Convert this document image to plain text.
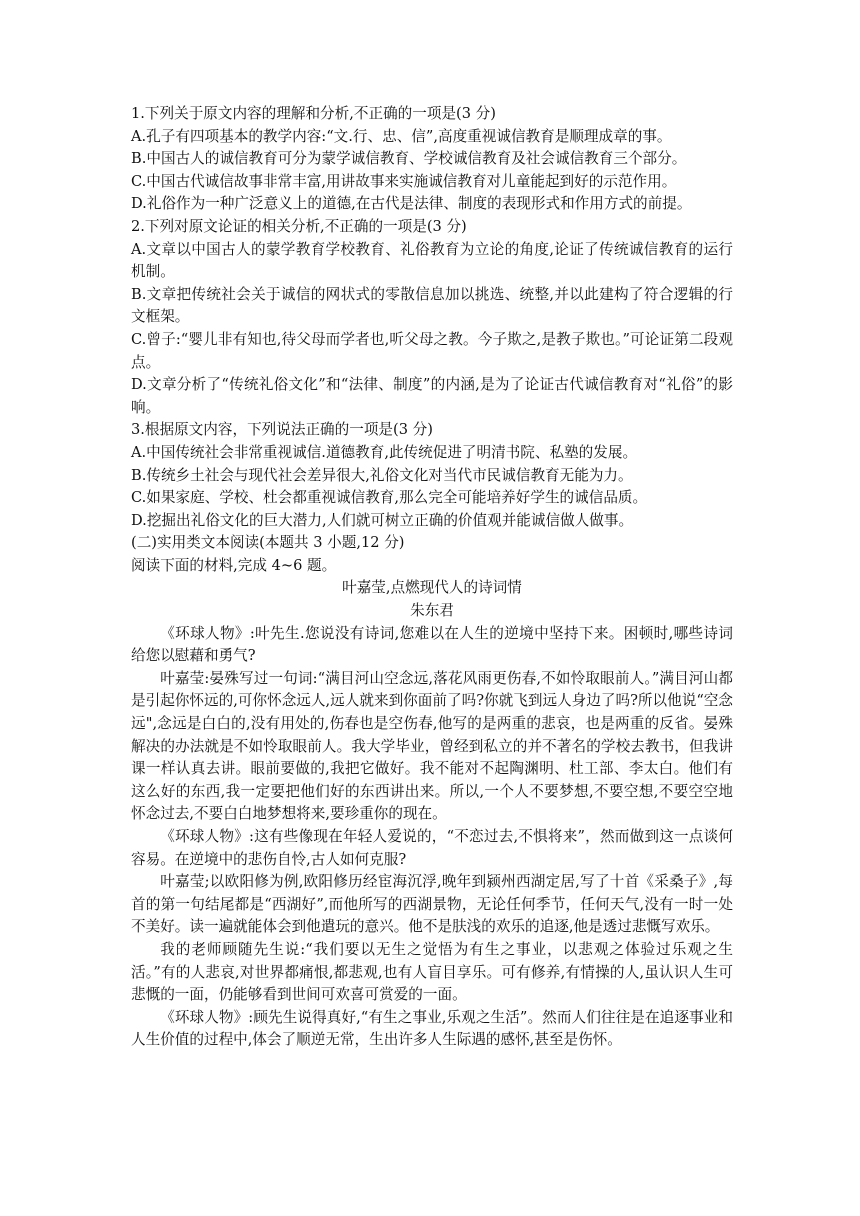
1.下列关于原文内容的理解和分析,不正确的一项是(3 分)

A.孔子有四项基本的教学内容:“文.行、忠、信”,高度重视诚信教育是顺理成章的事。

B.中国古人的诚信教育可分为蒙学诚信教育、学校诚信教育及社会诚信教育三个部分。

C.中国古代诚信故事非常丰富,用讲故事来实施诚信教育对儿童能起到好的示范作用。

D.礼俗作为一种广泛意义上的道德,在古代是法律、制度的表现形式和作用方式的前提。

2.下列对原文论证的相关分析,不正确的一项是(3 分)

A.文章以中国古人的蒙学教育学校教育、礼俗教育为立论的角度,论证了传统诚信教育的运行机制。

B.文章把传统社会关于诚信的网状式的零散信息加以挑选、统整,并以此建构了符合逻辑的行文框架。

C.曾子:“婴儿非有知也,待父母而学者也,听父母之教。今子欺之,是教子欺也。”可论证第二段观点。

D.文章分析了“传统礼俗文化”和“法律、制度”的内涵,是为了论证古代诚信教育对“礼俗”的影响。

3.根据原文内容，下列说法正确的一项是(3 分)

A.中国传统社会非常重视诚信.道德教育,此传统促进了明清书院、私塾的发展。

B.传统乡土社会与现代社会差异很大,礼俗文化对当代市民诚信教育无能为力。

C.如果家庭、学校、杜会都重视诚信教育,那么完全可能培养好学生的诚信品质。

D.挖掘出礼俗文化的巨大潜力,人们就可树立正确的价值观并能诚信做人做事。

(二)实用类文本阅读(本题共 3 小题,12 分)

阅读下面的材料,完成 4~6 题。

叶嘉莹,点燃现代人的诗词情

朱东君

《环球人物》:叶先生.您说没有诗词,您难以在人生的逆境中坚持下来。困顿时,哪些诗词给您以慰藉和勇气?

叶嘉莹:晏殊写过一句词:“满目河山空念远,落花风雨更伤春,不如怜取眼前人。”满目河山都是引起你怀远的,可你怀念远人,远人就来到你面前了吗?你就飞到远人身边了吗?所以他说“空念远",念远是白白的,没有用处的,伤春也是空伤春,他写的是两重的悲哀，也是两重的反省。晏殊解决的办法就是不如怜取眼前人。我大学毕业，曾经到私立的并不著名的学校去教书，但我讲课一样认真去讲。眼前要做的,我把它做好。我不能对不起陶渊明、杜工部、李太白。他们有这么好的东西,我一定要把他们好的东西讲出来。所以,一个人不要梦想,不要空想,不要空空地怀念过去,不要白白地梦想将来,要珍重你的现在。

《环球人物》:这有些像现在年轻人爱说的，“不恋过去,不惧将来”，然而做到这一点谈何容易。在逆境中的悲伤自怜,古人如何克服?

叶嘉莹;以欧阳修为例,欧阳修历经宦海沉浮,晚年到颍州西湖定居,写了十首《采桑子》,每首的第一句结尾都是“西湖好”,而他所写的西湖景物，无论任何季节，任何天气,没有一时一处不美好。读一遍就能体会到他遣玩的意兴。他不是肤浅的欢乐的追逐,他是透过悲慨写欢乐。

我的老师顾随先生说:“我们要以无生之觉悟为有生之事业，以悲观之体验过乐观之生活。”有的人悲哀,对世界都痛恨,都悲观,也有人盲目享乐。可有修养,有情操的人,虽认识人生可悲慨的一面，仍能够看到世间可欢喜可赏爱的一面。

《环球人物》:顾先生说得真好,“有生之事业,乐观之生活”。然而人们往往是在追逐事业和人生价值的过程中,体会了顺逆无常，生出许多人生际遇的感怀,甚至是伤怀。
